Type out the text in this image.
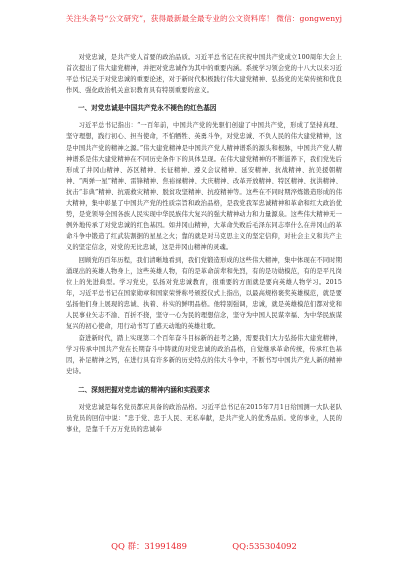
关注头条号“公文研究”，获得最新最全最专业的公文资料库！ 微信：gongwenyj

对党忠诚，是共产党人首要的政治品质。习近平总书记在庆祝中国共产党成立100周年大会上首次提出了伟大建党精神，并把对党忠诚作为其中的重要内涵。系统学习领会党的十八大以来习近平总书记关于对党忠诚的重要论述，对于新时代积极践行伟大建党精神、弘扬党的光荣传统和优良作风、强化政治机关意识教育具有特别重要的意义。

一、对党忠诚是中国共产党永不褪色的红色基因

习近平总书记指出：“一百年前，中国共产党的先驱们创建了中国共产党，形成了坚持真理、坚守理想，践行初心、担当使命，不怕牺牲、英勇斗争，对党忠诚、不负人民的伟大建党精神，这是中国共产党的精神之源。”伟大建党精神是中国共产党人精神谱系的源头和根脉，中国共产党人精神谱系是伟大建党精神在不同历史条件下的具体呈现。在伟大建党精神的不断滋养下，我们党先后形成了井冈山精神、苏区精神、长征精神、遵义会议精神、延安精神、抗战精神、抗美援朝精神、“两弹一星”精神、雷锋精神、焦裕禄精神、大庆精神、改革开放精神、特区精神、抗洪精神、抗击“非典”精神、抗震救灾精神、脱贫攻坚精神、抗疫精神等。这些在不同时期淬炼锻造形成的伟大精神，集中彰显了中国共产党的性质宗旨和政治品格，是我党我军忠诚精神和革命和红大政治优势，是党领导全国各族人民实现中华民族伟大复兴的强大精神动力和力量源泉。这些伟大精神无一例外地传承了对党忠诚的红色基因。如井冈山精神，大革命失败后毛泽东同志率什么在井冈山的革命斗争中锻造了红武装割据的星星之火；靠的就是对马克思主义的坚定信仰，对社会主义和共产主义的坚定信念，对党的无比忠诚，这是井冈山精神的灵魂。

回顾党的百年历程，我们清晰地看到，我们党锻造形成的这些伟大精神，集中体现在不同时期涌现出的英雄人物身上，这些英雄人物，有的是革命前辈和先烈，有的是功勋模范，有的是平凡岗位上的先进典型。学习党史，弘扬对党忠诚教育，很重要的方面就是要向英雄人物学习。2015年，习近平总书记在国家勋章和国家荣誉称号颁授仪式上指出，以最高规格褒奖英雄模范，就是要弘扬他们身上展现的忠诚、执着、朴实的鲜明品格。他特别强调，忠诚，就是英雄模范们都对党和人民事业矢志不渝、百折不挠，坚守一心为民的理想信念，坚守为中国人民谋幸福、为中华民族谋复兴的初心使命，用行动书写了感天动地的英雄壮歌。

奋进新时代，踏上实现第二个百年奋斗目标新的赶考之路，需要我们大力弘扬伟大建党精神，学习传承中国共产党在长期奋斗中铸就的对党忠诚的政治品格，自觉继承革命传统，传承红色基因，补足精神之钙，在进行具有许多新的历史特点的伟大斗争中，不断书写中国共产党人新的精神史诗。

二、深刻把握对党忠诚的精神内涵和实践要求

对党忠诚是每名党员都应具备的政治品格。习近平总书记在2015年7月1日给国测一大队老队员党员的回信中说：“忠于党、忠于人民、无私奉献，是共产党人的优秀品质。党的事业，人民的事业，是靠千千万万党员的忠诚奉

QQ 群：31991489	QQ:535304092
